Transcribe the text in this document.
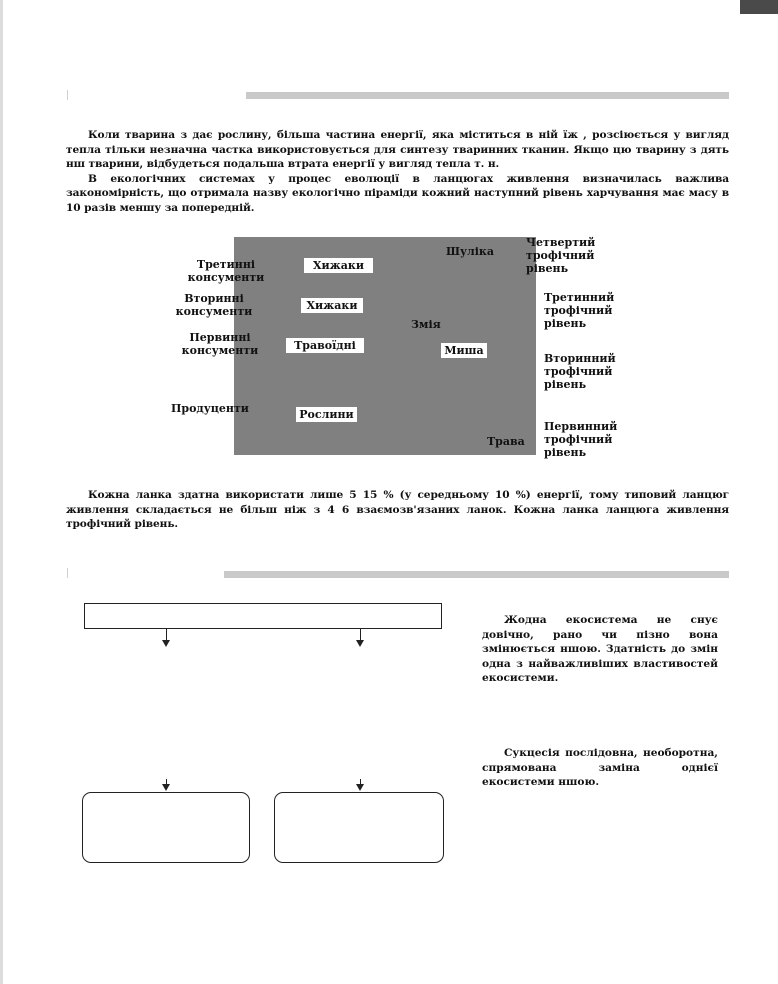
Коли тварина з дає рослину, більша частина енергії, яка міститься в ній їж , розсіюється у вигляд тепла тільки незначна частка використовується для синтезу тваринних тканин. Якщо цю тварину з дять нш тварини, відбудеться подальша втрата енергії у вигляд тепла т. н.

В екологічних системах у процес еволюції в ланцюгах живлення визначилась важлива закономірність, що отримала назву екологічно піраміди кожний наступний рівень харчування має масу в 10 разів меншу за попередній.

Третинні
консументи
Вторинні
консументи
Первинні
консументи
Продуценти
Хижаки
Хижаки
Травоїдні
Рослини
Миша
Шуліка
Змія
Трава
Четвертий
трофічний
рівень
Третинний
трофічний
рівень
Вторинний
трофічний
рівень
Первинний
трофічний
рівень

Кожна ланка здатна використати лише 5 15 % (у середньому 10 %) енергії, тому типовий ланцюг живлення складається не більш ніж з 4 6 взаємозв'язаних ланок. Кожна ланка ланцюга живлення трофічний рівень.

Жодна екосистема не снує довічно, рано чи пізно вона змінюється ншою. Здатність до змін одна з найважливіших властивостей екосистеми.

Сукцесія послідовна, необоротна, спрямована заміна однієї екосистеми ншою.
